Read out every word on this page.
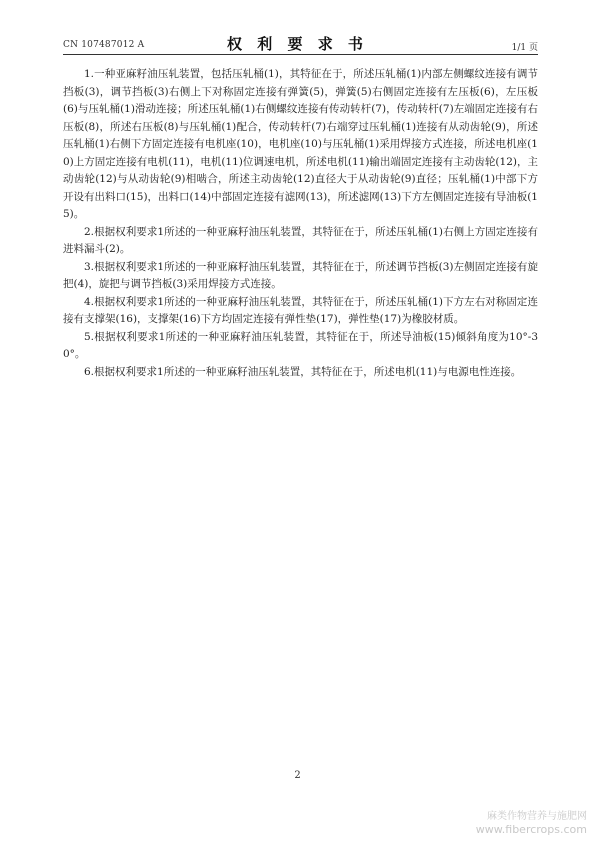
CN 107487012 A	权 利 要 求 书	1/1 页

1.一种亚麻籽油压轧装置，包括压轧桶(1)，其特征在于，所述压轧桶(1)内部左侧螺纹连接有调节挡板(3)，调节挡板(3)右侧上下对称固定连接有弹簧(5)，弹簧(5)右侧固定连接有左压板(6)，左压板(6)与压轧桶(1)滑动连接；所述压轧桶(1)右侧螺纹连接有传动转杆(7)，传动转杆(7)左端固定连接有右压板(8)，所述右压板(8)与压轧桶(1)配合，传动转杆(7)右端穿过压轧桶(1)连接有从动齿轮(9)，所述压轧桶(1)右侧下方固定连接有电机座(10)，电机座(10)与压轧桶(1)采用焊接方式连接，所述电机座(10)上方固定连接有电机(11)，电机(11)位调速电机，所述电机(11)输出端固定连接有主动齿轮(12)，主动齿轮(12)与从动齿轮(9)相啮合，所述主动齿轮(12)直径大于从动齿轮(9)直径；压轧桶(1)中部下方开设有出料口(15)，出料口(14)中部固定连接有滤网(13)，所述滤网(13)下方左侧固定连接有导油板(15)。

2.根据权利要求1所述的一种亚麻籽油压轧装置，其特征在于，所述压轧桶(1)右侧上方固定连接有进料漏斗(2)。

3.根据权利要求1所述的一种亚麻籽油压轧装置，其特征在于，所述调节挡板(3)左侧固定连接有旋把(4)，旋把与调节挡板(3)采用焊接方式连接。

4.根据权利要求1所述的一种亚麻籽油压轧装置，其特征在于，所述压轧桶(1)下方左右对称固定连接有支撑架(16)，支撑架(16)下方均固定连接有弹性垫(17)，弹性垫(17)为橡胶材质。

5.根据权利要求1所述的一种亚麻籽油压轧装置，其特征在于，所述导油板(15)倾斜角度为10°-30°。

6.根据权利要求1所述的一种亚麻籽油压轧装置，其特征在于，所述电机(11)与电源电性连接。

2
麻类作物营养与施肥网
www.fibercrops.com
